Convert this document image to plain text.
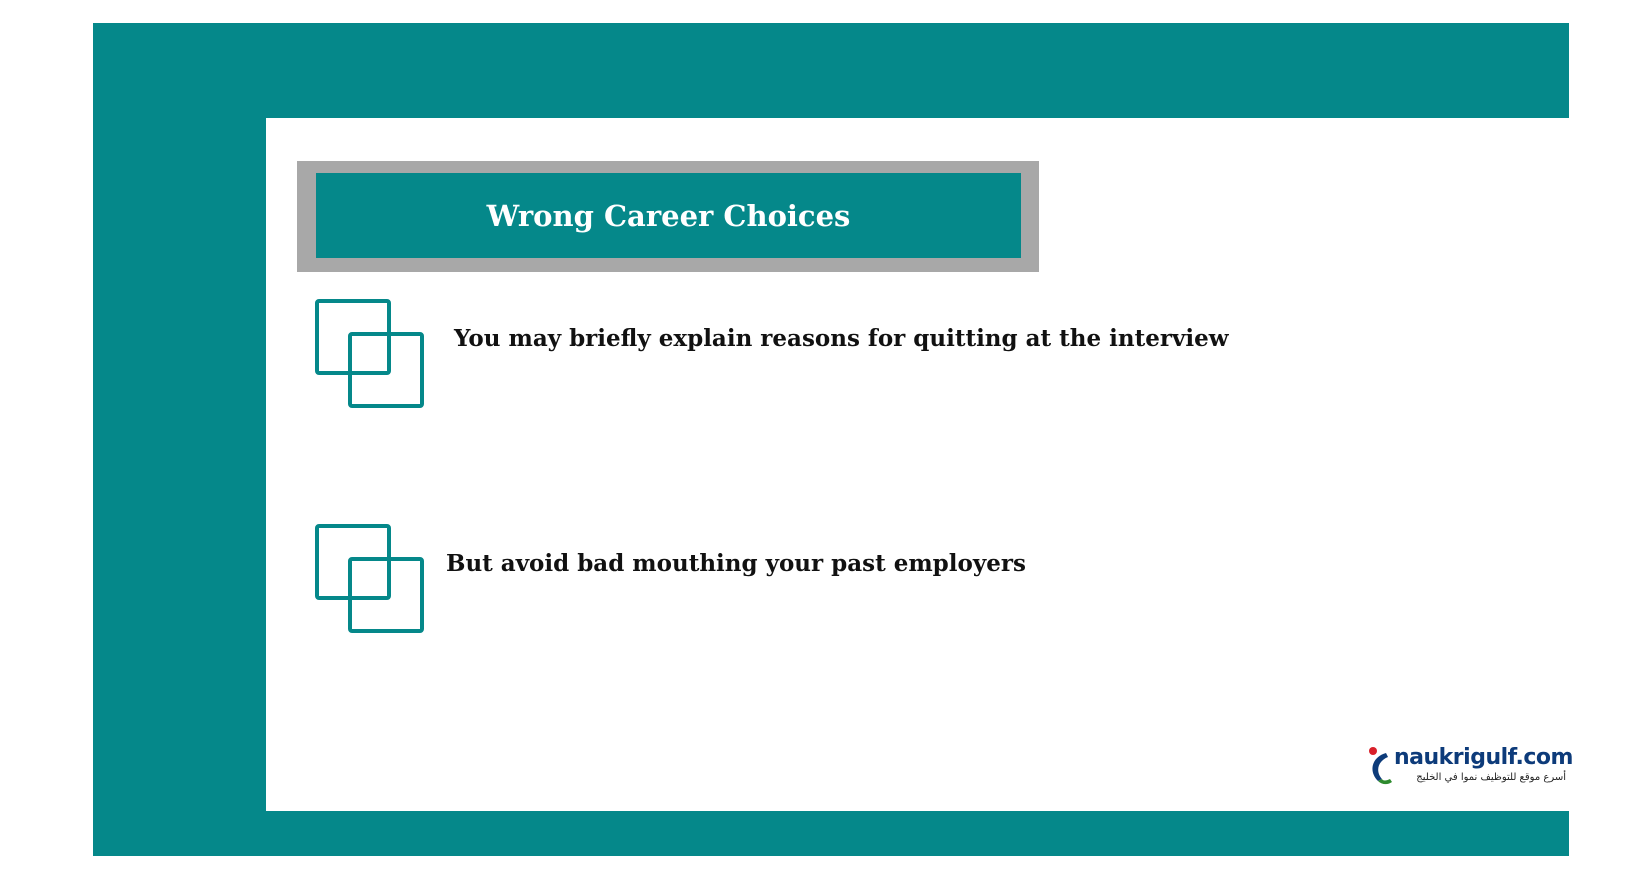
Wrong Career Choices
You may briefly explain reasons for quitting at the interview
But avoid bad mouthing your past employers
naukrigulf.com
أسرع موقع للتوظيف نموا في الخليج
